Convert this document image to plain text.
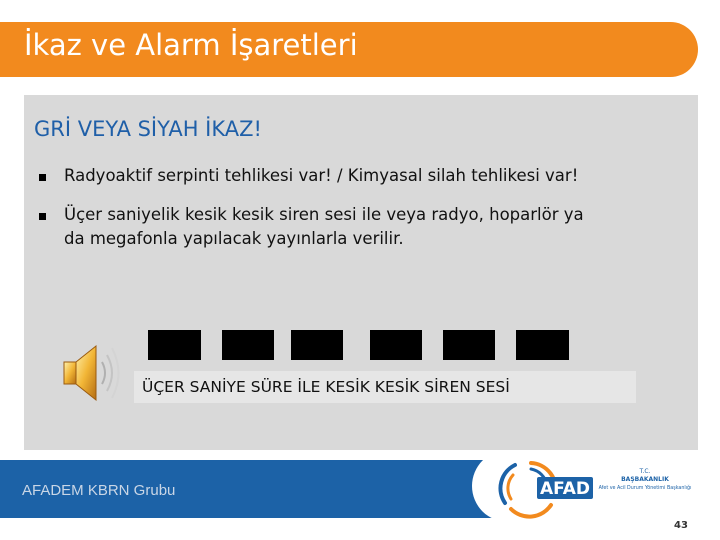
İkaz ve Alarm İşaretleri
GRİ VEYA SİYAH İKAZ!
Radyoaktif serpinti tehlikesi var! / Kimyasal silah tehlikesi var!
Üçer saniyelik kesik kesik siren sesi ile veya radyo, hoparlör ya
da megafonla yapılacak yayınlarla verilir.
ÜÇER SANİYE SÜRE İLE KESİK KESİK SİREN SESİ
AFADEM KBRN Grubu	AFAD
T.C.
BAŞBAKANLIK
Afet ve Acil Durum Yönetimi Başkanlığı
43
